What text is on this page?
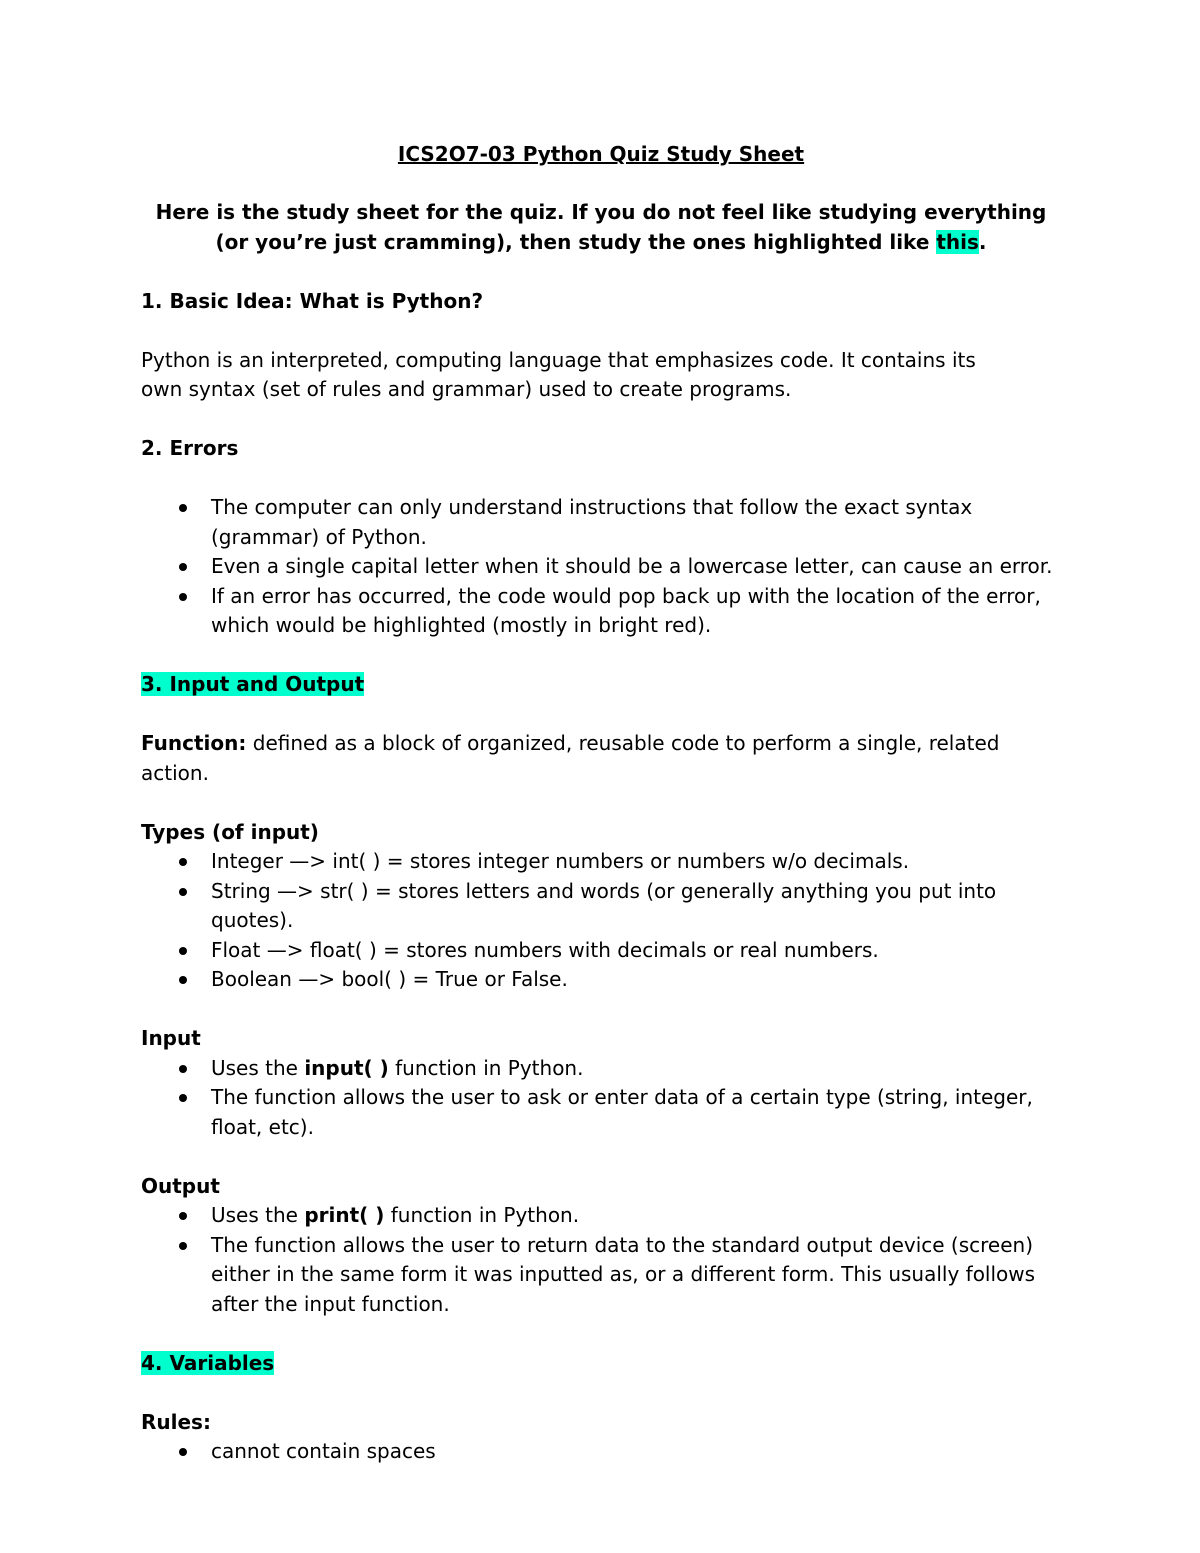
ICS2O7-03 Python Quiz Study Sheet

Here is the study sheet for the quiz. If you do not feel like studying everything (or you’re just cramming), then study the ones highlighted like this.

1. Basic Idea: What is Python?

Python is an interpreted, computing language that emphasizes code. It contains its own syntax (set of rules and grammar) used to create programs.

2. Errors

The computer can only understand instructions that follow the exact syntax (grammar) of Python.
Even a single capital letter when it should be a lowercase letter, can cause an error.
If an error has occurred, the code would pop back up with the location of the error, which would be highlighted (mostly in bright red).

3. Input and Output

Function: defined as a block of organized, reusable code to perform a single, related action.

Types (of input)

Integer —> int( ) = stores integer numbers or numbers w/o decimals.
String —> str( ) = stores letters and words (or generally anything you put into quotes).
Float —> float( ) = stores numbers with decimals or real numbers.
Boolean —> bool( ) = True or False.

Input

Uses the input( ) function in Python.
The function allows the user to ask or enter data of a certain type (string, integer, float, etc).

Output

Uses the print( ) function in Python.
The function allows the user to return data to the standard output device (screen) either in the same form it was inputted as, or a different form. This usually follows after the input function.

4. Variables

Rules:

cannot contain spaces
